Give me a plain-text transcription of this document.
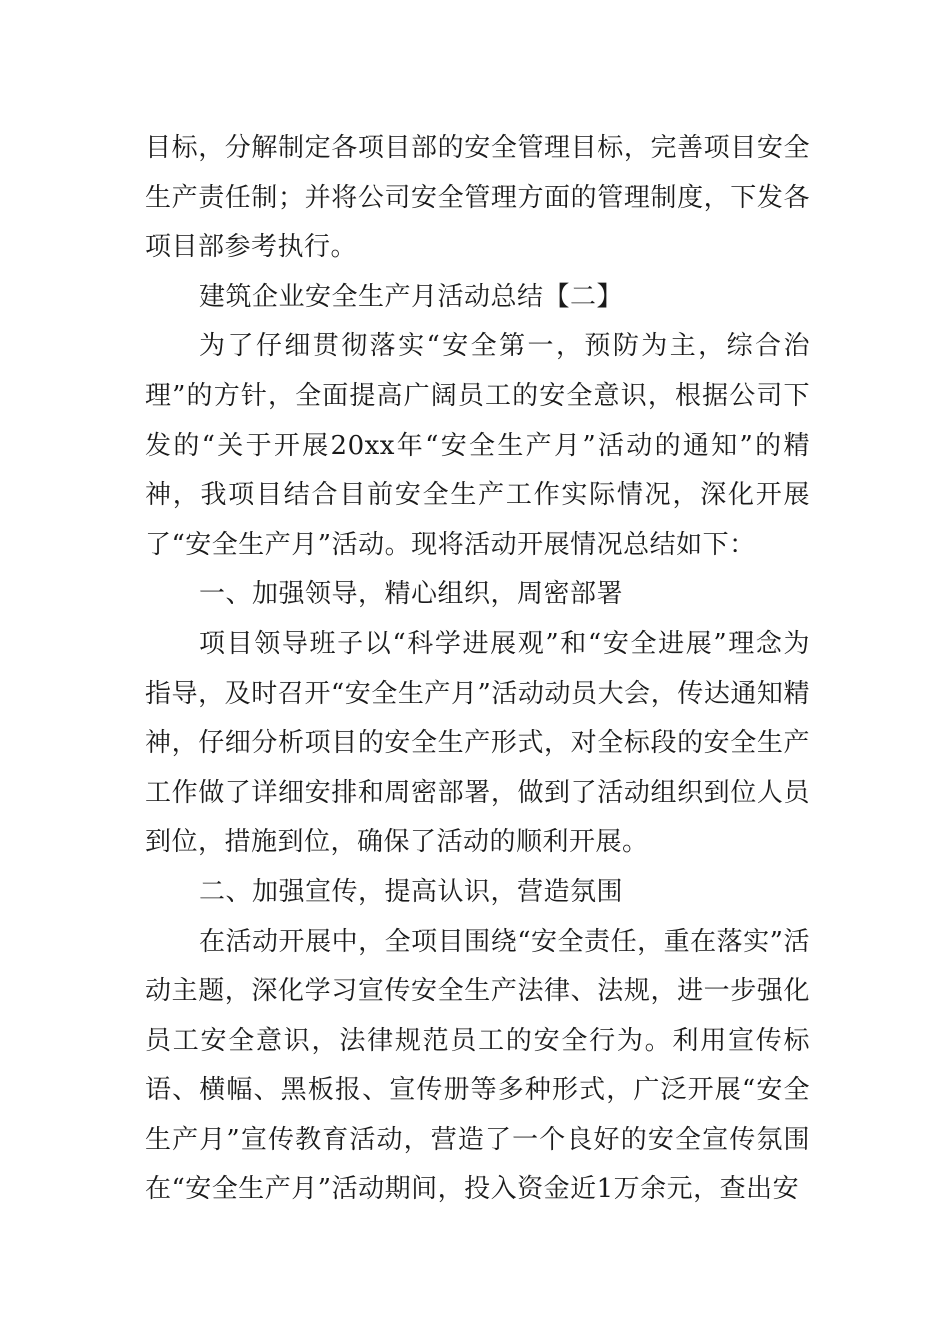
目标，分解制定各项目部的安全管理目标，完善项目安全生产责任制；并将公司安全管理方面的管理制度，下发各项目部参考执行。

建筑企业安全生产月活动总结【二】

为了仔细贯彻落实“安全第一，预防为主，综合治理”的方针，全面提高广阔员工的安全意识，根据公司下发的“关于开展20xx年“安全生产月”活动的通知”的精神，我项目结合目前安全生产工作实际情况，深化开展了“安全生产月”活动。现将活动开展情况总结如下：

一、加强领导，精心组织，周密部署

项目领导班子以“科学进展观”和“安全进展”理念为指导，及时召开“安全生产月”活动动员大会，传达通知精神，仔细分析项目的安全生产形式，对全标段的安全生产工作做了详细安排和周密部署，做到了活动组织到位人员到位，措施到位，确保了活动的顺利开展。

二、加强宣传，提高认识，营造氛围

在活动开展中，全项目围绕“安全责任，重在落实”活动主题，深化学习宣传安全生产法律、法规，进一步强化员工安全意识，法律规范员工的安全行为。利用宣传标语、横幅、黑板报、宣传册等多种形式，广泛开展“安全生产月”宣传教育活动，营造了一个良好的安全宣传氛围在“安全生产月”活动期间，投入资金近1万余元，查出安
